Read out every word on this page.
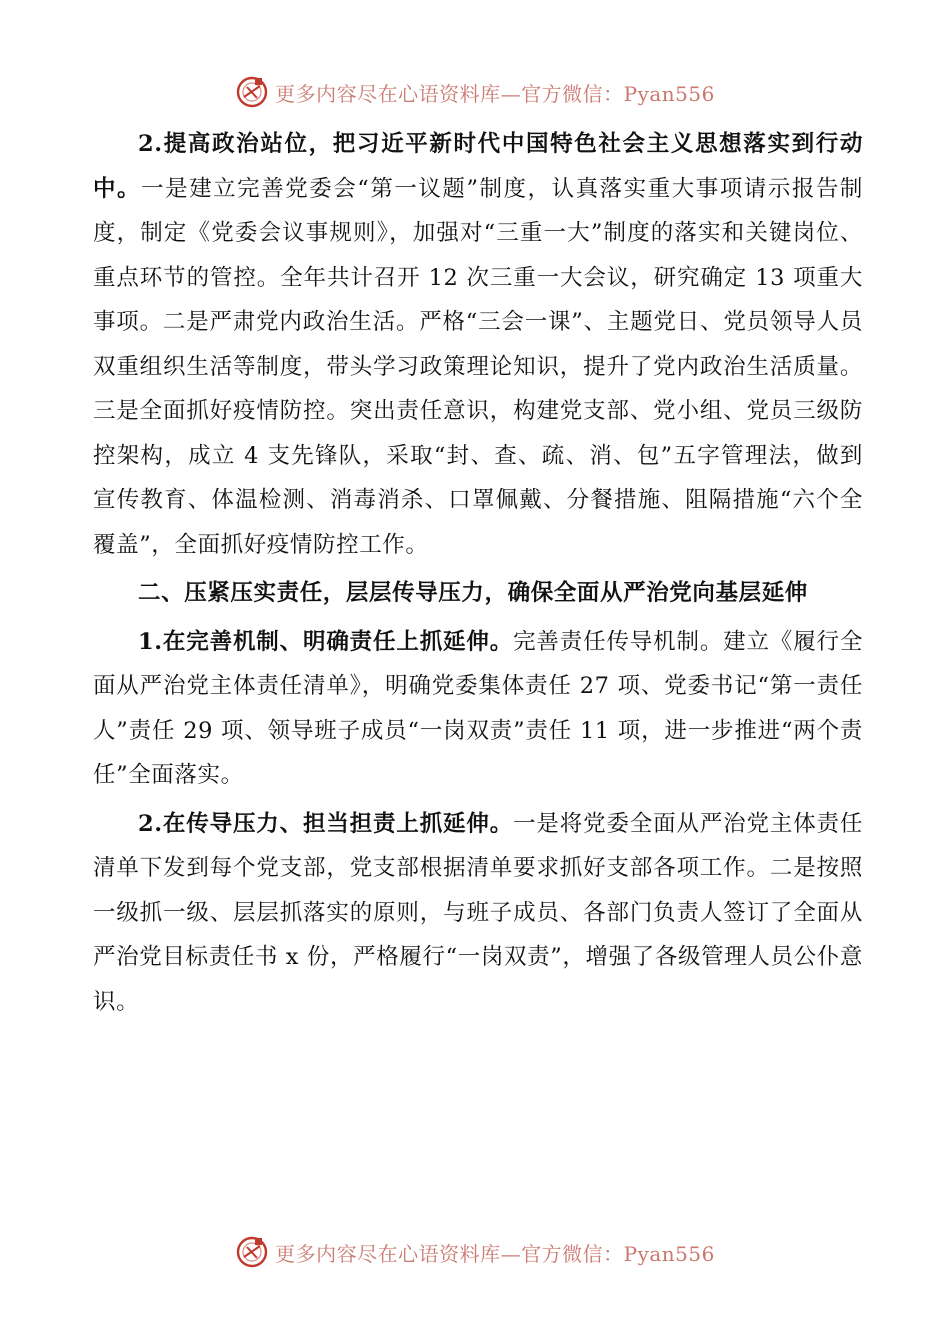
更多内容尽在心语资料库—官方微信：Pyan556

2.提高政治站位，把习近平新时代中国特色社会主义思想落实到行动中。一是建立完善党委会“第一议题”制度，认真落实重大事项请示报告制度，制定《党委会议事规则》，加强对“三重一大”制度的落实和关键岗位、重点环节的管控。全年共计召开 12 次三重一大会议，研究确定 13 项重大事项。二是严肃党内政治生活。严格“三会一课”、主题党日、党员领导人员双重组织生活等制度，带头学习政策理论知识，提升了党内政治生活质量。三是全面抓好疫情防控。突出责任意识，构建党支部、党小组、党员三级防控架构，成立 4 支先锋队，采取“封、查、疏、消、包”五字管理法，做到宣传教育、体温检测、消毒消杀、口罩佩戴、分餐措施、阻隔措施“六个全覆盖”，全面抓好疫情防控工作。

二、压紧压实责任，层层传导压力，确保全面从严治党向基层延伸

1.在完善机制、明确责任上抓延伸。完善责任传导机制。建立《履行全面从严治党主体责任清单》，明确党委集体责任 27 项、党委书记“第一责任人”责任 29 项、领导班子成员“一岗双责”责任 11 项，进一步推进“两个责任”全面落实。

2.在传导压力、担当担责上抓延伸。一是将党委全面从严治党主体责任清单下发到每个党支部，党支部根据清单要求抓好支部各项工作。二是按照一级抓一级、层层抓落实的原则，与班子成员、各部门负责人签订了全面从严治党目标责任书 x 份，严格履行“一岗双责”，增强了各级管理人员公仆意识。

更多内容尽在心语资料库—官方微信：Pyan556
